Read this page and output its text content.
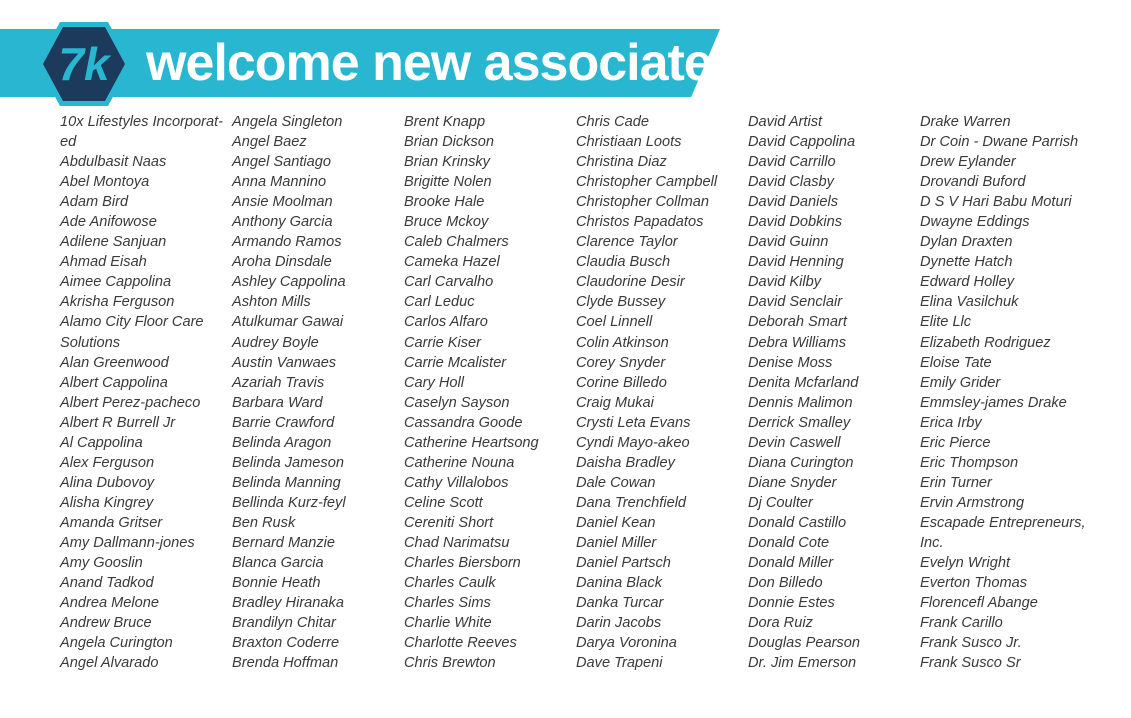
7k welcome new associates!
10x Lifestyles Incorporat-ed
Abdulbasit Naas
Abel Montoya
Adam Bird
Ade Anifowose
Adilene Sanjuan
Ahmad Eisah
Aimee Cappolina
Akrisha Ferguson
Alamo City Floor Care Solutions
Alan Greenwood
Albert Cappolina
Albert Perez-pacheco
Albert R Burrell Jr
Al Cappolina
Alex Ferguson
Alina Dubovoy
Alisha Kingrey
Amanda Gritser
Amy Dallmann-jones
Amy Gooslin
Anand Tadkod
Andrea Melone
Andrew Bruce
Angela Curington
Angel Alvarado
Angela Singleton
Angel Baez
Angel Santiago
Anna Mannino
Ansie Moolman
Anthony Garcia
Armando Ramos
Aroha Dinsdale
Ashley Cappolina
Ashton Mills
Atulkumar Gawai
Audrey Boyle
Austin Vanwaes
Azariah Travis
Barbara Ward
Barrie Crawford
Belinda Aragon
Belinda Jameson
Belinda Manning
Bellinda Kurz-feyl
Ben Rusk
Bernard Manzie
Blanca Garcia
Bonnie Heath
Bradley Hiranaka
Brandilyn Chitar
Braxton Coderre
Brenda Hoffman
Brent Knapp
Brian Dickson
Brian Krinsky
Brigitte Nolen
Brooke Hale
Bruce Mckoy
Caleb Chalmers
Cameka Hazel
Carl Carvalho
Carl Leduc
Carlos Alfaro
Carrie Kiser
Carrie Mcalister
Cary Holl
Caselyn Sayson
Cassandra Goode
Catherine Heartsong
Catherine Nouna
Cathy Villalobos
Celine Scott
Cereniti Short
Chad Narimatsu
Charles Biersborn
Charles Caulk
Charles Sims
Charlie White
Charlotte Reeves
Chris Brewton
Chris Cade
Christiaan Loots
Christina Diaz
Christopher Campbell
Christopher Collman
Christos Papadatos
Clarence Taylor
Claudia Busch
Claudorine Desir
Clyde Bussey
Coel Linnell
Colin Atkinson
Corey Snyder
Corine Billedo
Craig Mukai
Crysti Leta Evans
Cyndi Mayo-akeo
Daisha Bradley
Dale Cowan
Dana Trenchfield
Daniel Kean
Daniel Miller
Daniel Partsch
Danina Black
Danka Turcar
Darin Jacobs
Darya Voronina
Dave Trapeni
David Artist
David Cappolina
David Carrillo
David Clasby
David Daniels
David Dobkins
David Guinn
David Henning
David Kilby
David Senclair
Deborah Smart
Debra Williams
Denise Moss
Denita Mcfarland
Dennis Malimon
Derrick Smalley
Devin Caswell
Diana Curington
Diane Snyder
Dj Coulter
Donald Castillo
Donald Cote
Donald Miller
Don Billedo
Donnie Estes
Dora Ruiz
Douglas Pearson
Dr. Jim Emerson
Drake Warren
Dr Coin - Dwane Parrish
Drew Eylander
Drovandi Buford
D S V Hari Babu Moturi
Dwayne Eddings
Dylan Draxten
Dynette Hatch
Edward Holley
Elina Vasilchuk
Elite Llc
Elizabeth Rodriguez
Eloise Tate
Emily Grider
Emmsley-james Drake
Erica Irby
Eric Pierce
Eric Thompson
Erin Turner
Ervin Armstrong
Escapade Entrepreneurs, Inc.
Evelyn Wright
Everton Thomas
Florencefl Abange
Frank Carillo
Frank Susco Jr.
Frank Susco Sr
